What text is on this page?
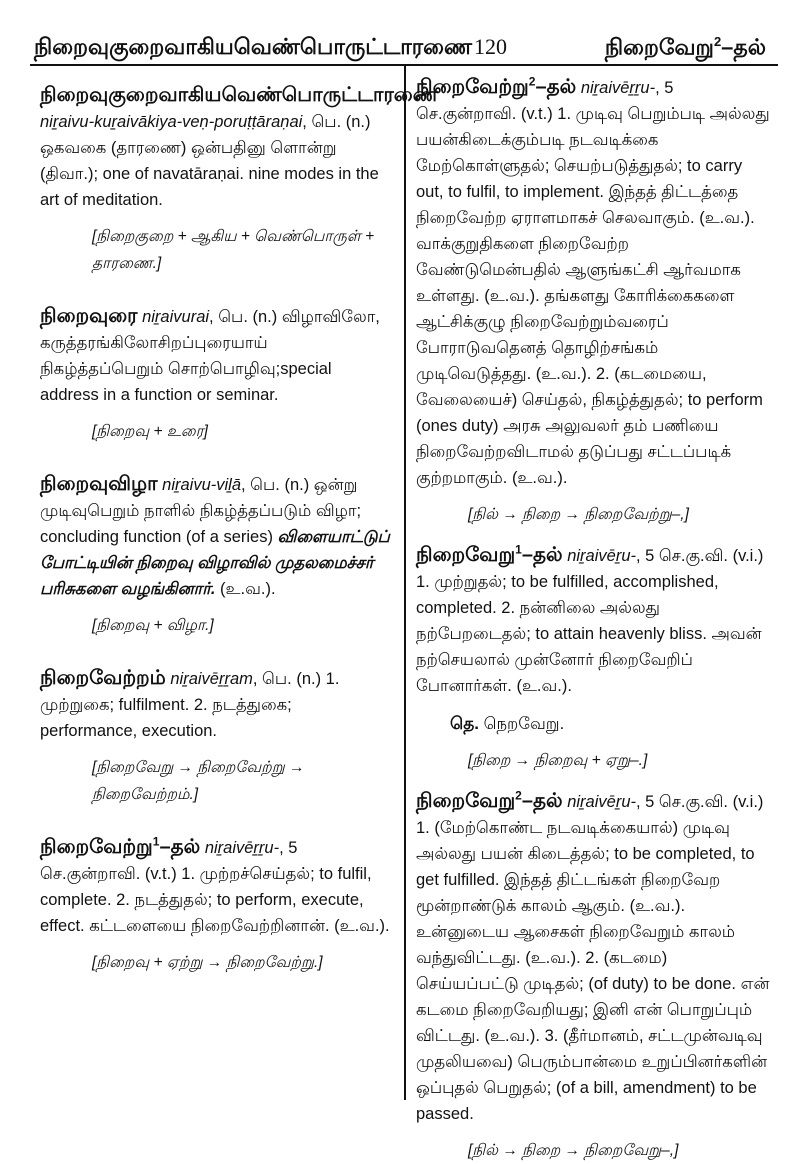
நிறைவுகுறைவாகியவெண்பொருட்டாரணை120	நிறைவேறு$^2$–தல்
நிறைவுகுறைவாகியவெண்பொருட்டாரணை niṟaivu-kuṟaivākiya-veṇ-poruṭṭāraṇai, பெ. (n.) ஒகவகை (தாரணை) ஒன்பதினு ளொன்று (திவா.); one of navatāraṇai. nine modes in the art of meditation.
[நிறைகுறை + ஆகிய + வெண்பொருள் + தாரணை.]
நிறைவுரை niṟaivurai, பெ. (n.) விழாவிலோ, கருத்தரங்கிலோசிறப்புரையாய் நிகழ்த்தப்பெறும் சொற்பொழிவு;special address in a function or seminar.
[நிறைவு + உரை]
நிறைவுவிழா niṟaivu-viḻā, பெ. (n.) ஒன்று முடிவுபெறும் நாளில் நிகழ்த்தப்படும் விழா; concluding function (of a series) விளையாட்டுப் போட்டியின் நிறைவு விழாவில் முதலமைச்சர் பரிசுகளை வழங்கினார். (உ.வ.).
[நிறைவு + விழா.]
நிறைவேற்றம் niṟaivēṟṟam, பெ. (n.) 1. முற்றுகை; fulfilment. 2. நடத்துகை; performance, execution.
[நிறைவேறு → நிறைவேற்று → நிறைவேற்றம்.]
நிறைவேற்று$^1$–தல் niṟaivēṟṟu-, 5 செ.குன்றாவி. (v.t.) 1. முற்றச்செய்தல்; to fulfil, complete. 2. நடத்துதல்; to perform, execute, effect. கட்டளையை நிறைவேற்றினான். (உ.வ.).
[நிறைவு + ஏற்று → நிறைவேற்று.]
நிறைவேற்று$^2$–தல் niṟaivēṟṟu-, 5 செ.குன்றாவி. (v.t.) 1. முடிவு பெறும்படி அல்லது பயன்கிடைக்கும்படி நடவடிக்கை மேற்கொள்ளுதல்; செயற்படுத்துதல்; to carry out, to fulfil, to implement. இந்தத் திட்டத்தை நிறைவேற்ற ஏராளமாகச் செலவாகும். (உ.வ.). வாக்குறுதிகளை நிறைவேற்ற வேண்டுமென்பதில் ஆளுங்கட்சி ஆர்வமாக உள்ளது. (உ.வ.). தங்களது கோரிக்கைகளை ஆட்சிக்குழு நிறைவேற்றும்வரைப் போராடுவதெனத் தொழிற்சங்கம் முடிவெடுத்தது. (உ.வ.). 2. (கடமையை, வேலையைச்) செய்தல், நிகழ்த்துதல்; to perform (ones duty) அரசு அலுவலர் தம் பணியை நிறைவேற்றவிடாமல் தடுப்பது சட்டப்படிக் குற்றமாகும். (உ.வ.).
[நில் → நிறை → நிறைவேற்று–,]
நிறைவேறு$^1$–தல் niṟaivēṟu-, 5 செ.கு.வி. (v.i.) 1. முற்றுதல்; to be fulfilled, accomplished, completed. 2. நன்னிலை அல்லது நற்பேறடைதல்; to attain heavenly bliss. அவன் நற்செயலால் முன்னோர் நிறைவேறிப் போனார்கள். (உ.வ.).
தெ. நெறவேறு.
[நிறை → நிறைவு + ஏறு–.]
நிறைவேறு$^2$–தல் niṟaivēṟu-, 5 செ.கு.வி. (v.i.) 1. (மேற்கொண்ட நடவடிக்கையால்) முடிவு அல்லது பயன் கிடைத்தல்; to be completed, to get fulfilled. இந்தத் திட்டங்கள் நிறைவேற மூன்றாண்டுக் காலம் ஆகும். (உ.வ.). உன்னுடைய ஆசைகள் நிறைவேறும் காலம் வந்துவிட்டது. (உ.வ.). 2. (கடமை) செய்யப்பட்டு முடிதல்; (of duty) to be done. என் கடமை நிறைவேறியது; இனி என் பொறுப்பும் விட்டது. (உ.வ.). 3. (தீர்மானம், சட்டமுன்வடிவு முதலியவை) பெரும்பான்மை உறுப்பினர்களின் ஒப்புதல் பெறுதல்; (of a bill, amendment) to be passed.
[நில் → நிறை → நிறைவேறு–,]
